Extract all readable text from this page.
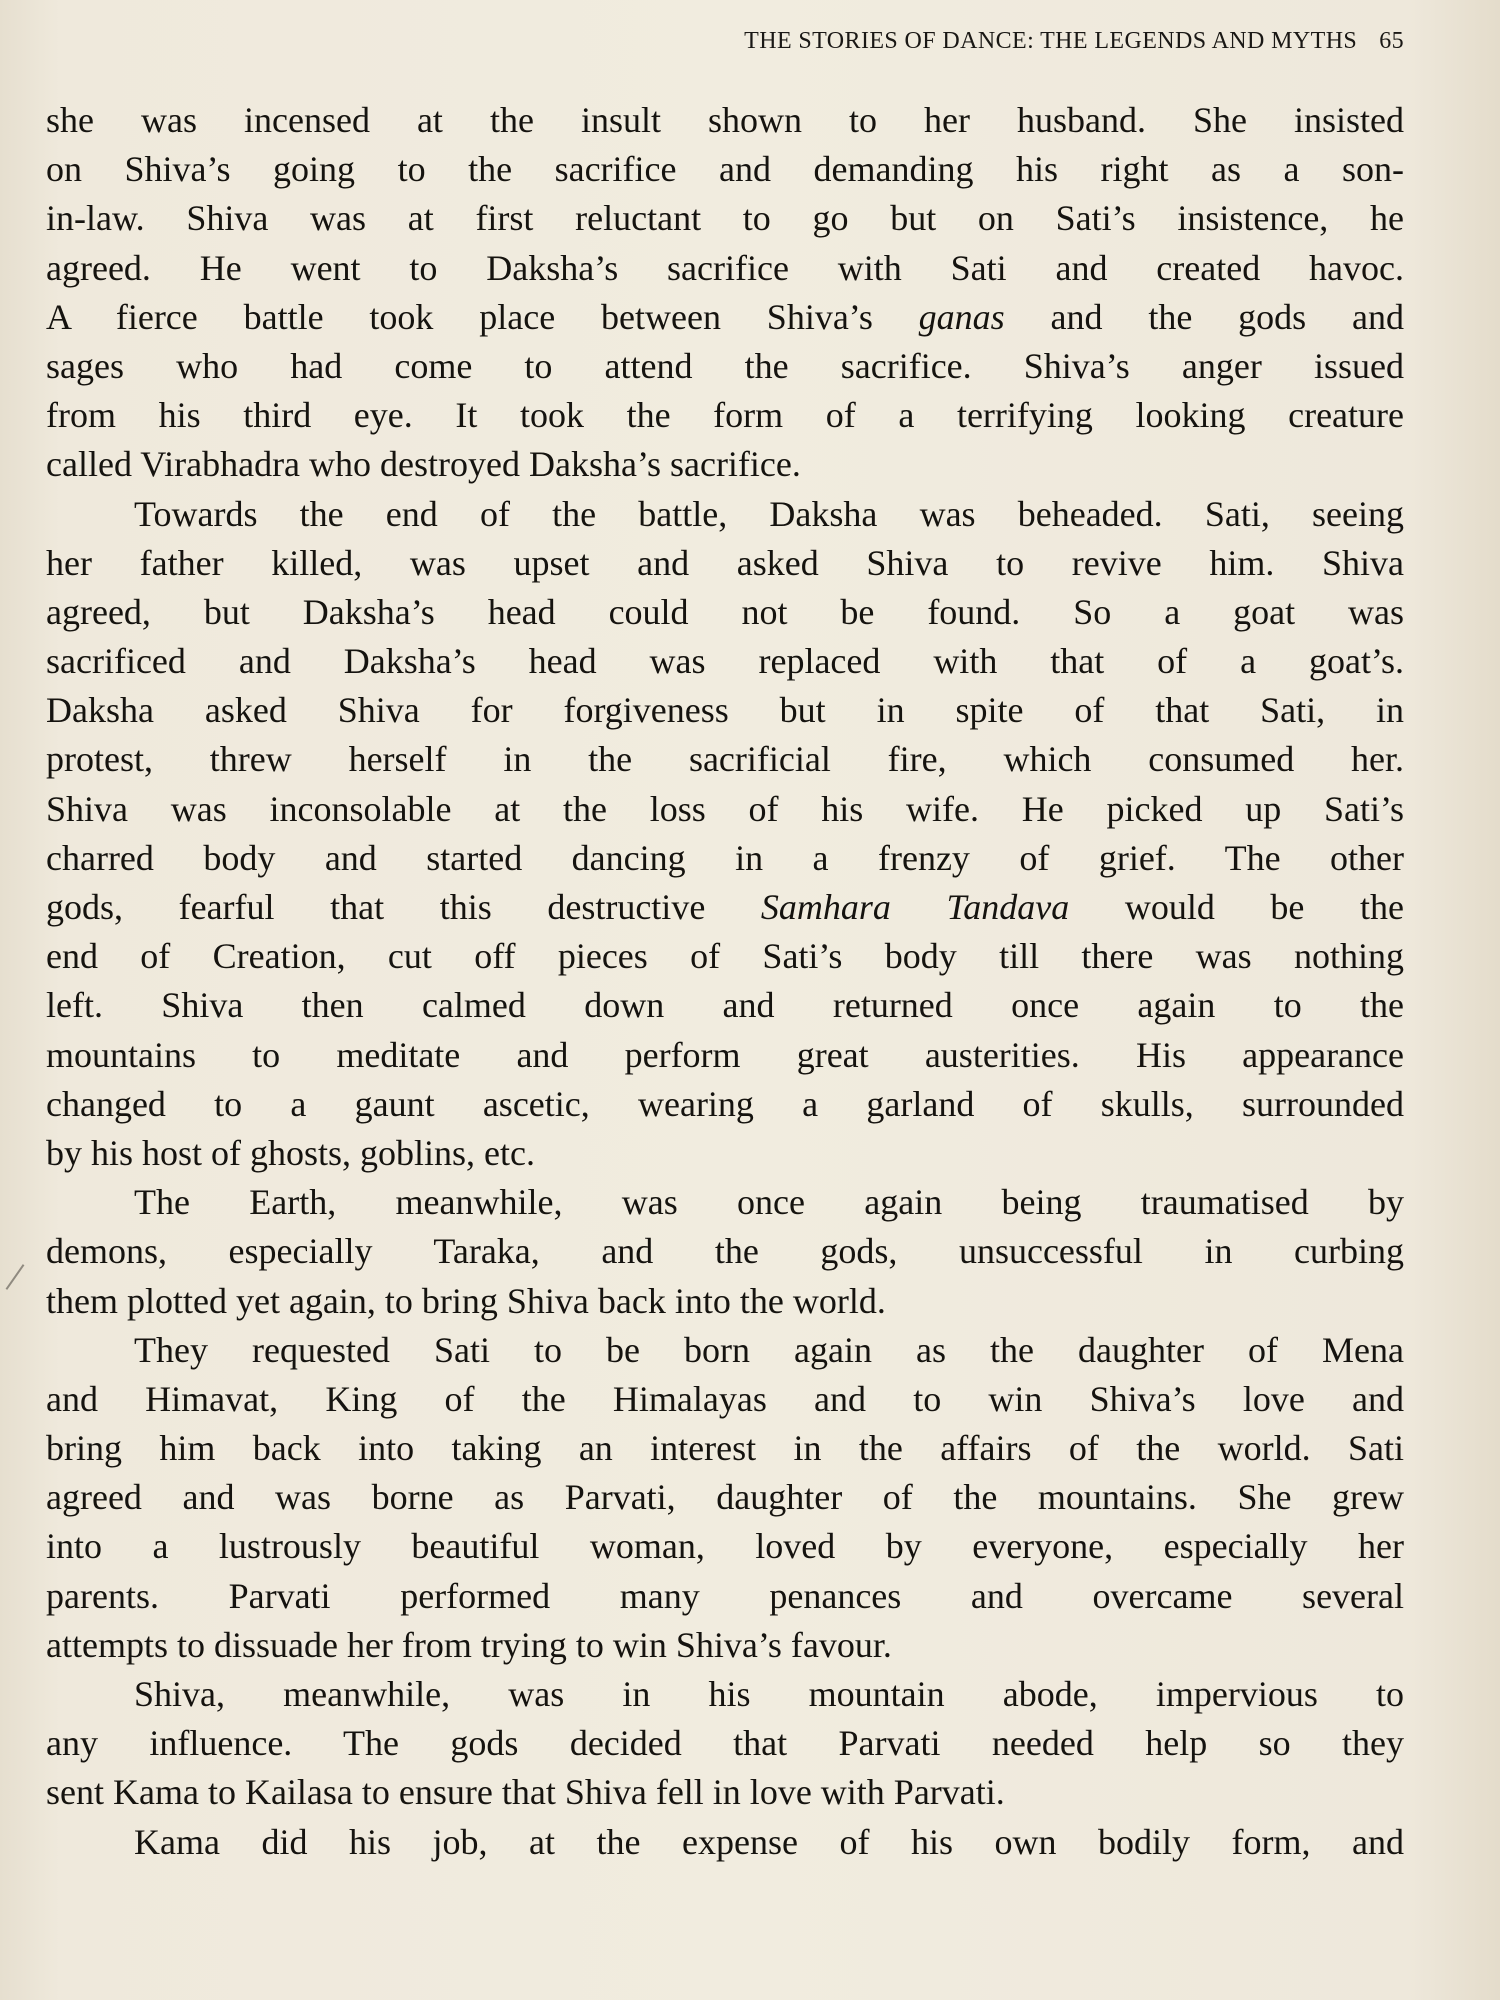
THE STORIES OF DANCE: THE LEGENDS AND MYTHS 65
she was incensed at the insult shown to her husband. She insisted
on Shiva’s going to the sacrifice and demanding his right as a son-
in-law. Shiva was at first reluctant to go but on Sati’s insistence, he
agreed. He went to Daksha’s sacrifice with Sati and created havoc.
A fierce battle took place between Shiva’s ganas and the gods and
sages who had come to attend the sacrifice. Shiva’s anger issued
from his third eye. It took the form of a terrifying looking creature
called Virabhadra who destroyed Daksha’s sacrifice.
Towards the end of the battle, Daksha was beheaded. Sati, seeing
her father killed, was upset and asked Shiva to revive him. Shiva
agreed, but Daksha’s head could not be found. So a goat was
sacrificed and Daksha’s head was replaced with that of a goat’s.
Daksha asked Shiva for forgiveness but in spite of that Sati, in
protest, threw herself in the sacrificial fire, which consumed her.
Shiva was inconsolable at the loss of his wife. He picked up Sati’s
charred body and started dancing in a frenzy of grief. The other
gods, fearful that this destructive Samhara Tandava would be the
end of Creation, cut off pieces of Sati’s body till there was nothing
left. Shiva then calmed down and returned once again to the
mountains to meditate and perform great austerities. His appearance
changed to a gaunt ascetic, wearing a garland of skulls, surrounded
by his host of ghosts, goblins, etc.
The Earth, meanwhile, was once again being traumatised by
demons, especially Taraka, and the gods, unsuccessful in curbing
them plotted yet again, to bring Shiva back into the world.
They requested Sati to be born again as the daughter of Mena
and Himavat, King of the Himalayas and to win Shiva’s love and
bring him back into taking an interest in the affairs of the world. Sati
agreed and was borne as Parvati, daughter of the mountains. She grew
into a lustrously beautiful woman, loved by everyone, especially her
parents. Parvati performed many penances and overcame several
attempts to dissuade her from trying to win Shiva’s favour.
Shiva, meanwhile, was in his mountain abode, impervious to
any influence. The gods decided that Parvati needed help so they
sent Kama to Kailasa to ensure that Shiva fell in love with Parvati.
Kama did his job, at the expense of his own bodily form, and
